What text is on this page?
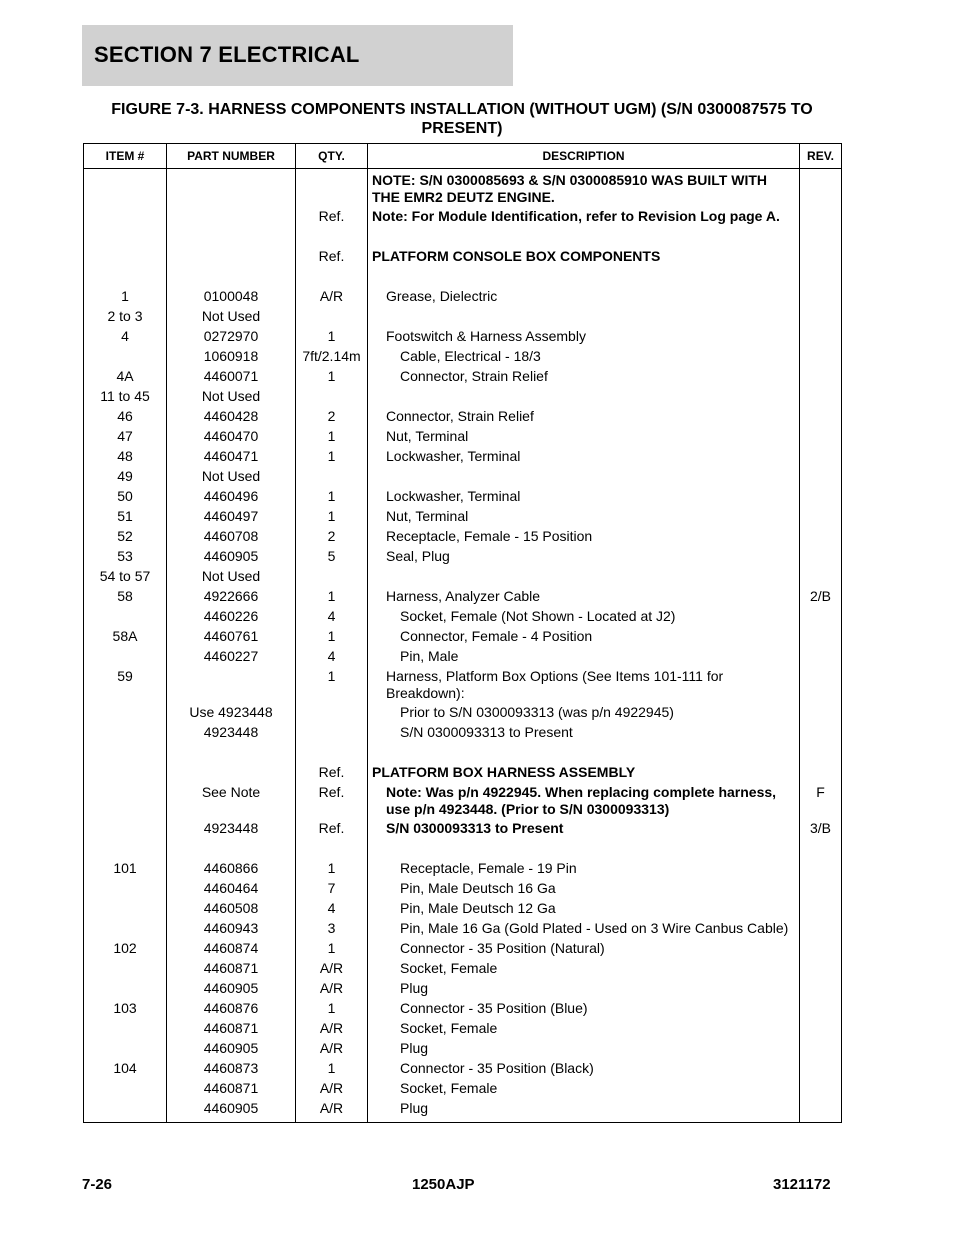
SECTION 7 ELECTRICAL
FIGURE 7-3. HARNESS COMPONENTS INSTALLATION (WITHOUT UGM) (S/N 0300087575 TO PRESENT)
ITEM #	PART NUMBER	QTY.	DESCRIPTION	REV.
			NOTE: S/N 0300085693 & S/N 0300085910 WAS BUILT WITH THE EMR2 DEUTZ ENGINE.	
		Ref.	Note: For Module Identification, refer to Revision Log page A.	

		Ref.	PLATFORM CONSOLE BOX COMPONENTS	

1	0100048	A/R	Grease, Dielectric	
2 to 3	Not Used			
4	0272970	1	Footswitch & Harness Assembly	
	1060918	7ft/2.14m	Cable, Electrical - 18/3	
4A	4460071	1	Connector, Strain Relief	
11 to 45	Not Used			
46	4460428	2	Connector, Strain Relief	
47	4460470	1	Nut, Terminal	
48	4460471	1	Lockwasher, Terminal	
49	Not Used			
50	4460496	1	Lockwasher, Terminal	
51	4460497	1	Nut, Terminal	
52	4460708	2	Receptacle, Female - 15 Position	
53	4460905	5	Seal, Plug	
54 to 57	Not Used			
58	4922666	1	Harness, Analyzer Cable	2/B
	4460226	4	Socket, Female (Not Shown - Located at J2)	
58A	4460761	1	Connector, Female - 4 Position	
	4460227	4	Pin, Male	
59		1	Harness, Platform Box Options (See Items 101-111 for Breakdown):	
	Use 4923448		Prior to S/N 0300093313 (was p/n 4922945)	
	4923448		S/N 0300093313 to Present	

		Ref.	PLATFORM BOX HARNESS ASSEMBLY	
	See Note	Ref.	Note: Was p/n 4922945. When replacing complete harness, use p/n 4923448. (Prior to S/N 0300093313)	F
	4923448	Ref.	S/N 0300093313 to Present	3/B

101	4460866	1	Receptacle, Female - 19 Pin	
	4460464	7	Pin, Male Deutsch 16 Ga	
	4460508	4	Pin, Male Deutsch 12 Ga	
	4460943	3	Pin, Male 16 Ga (Gold Plated - Used on 3 Wire Canbus Cable)	
102	4460874	1	Connector - 35 Position (Natural)	
	4460871	A/R	Socket, Female	
	4460905	A/R	Plug	
103	4460876	1	Connector - 35 Position (Blue)	
	4460871	A/R	Socket, Female	
	4460905	A/R	Plug	
104	4460873	1	Connector - 35 Position (Black)	
	4460871	A/R	Socket, Female	
	4460905	A/R	Plug	
7-26	1250AJP	3121172
